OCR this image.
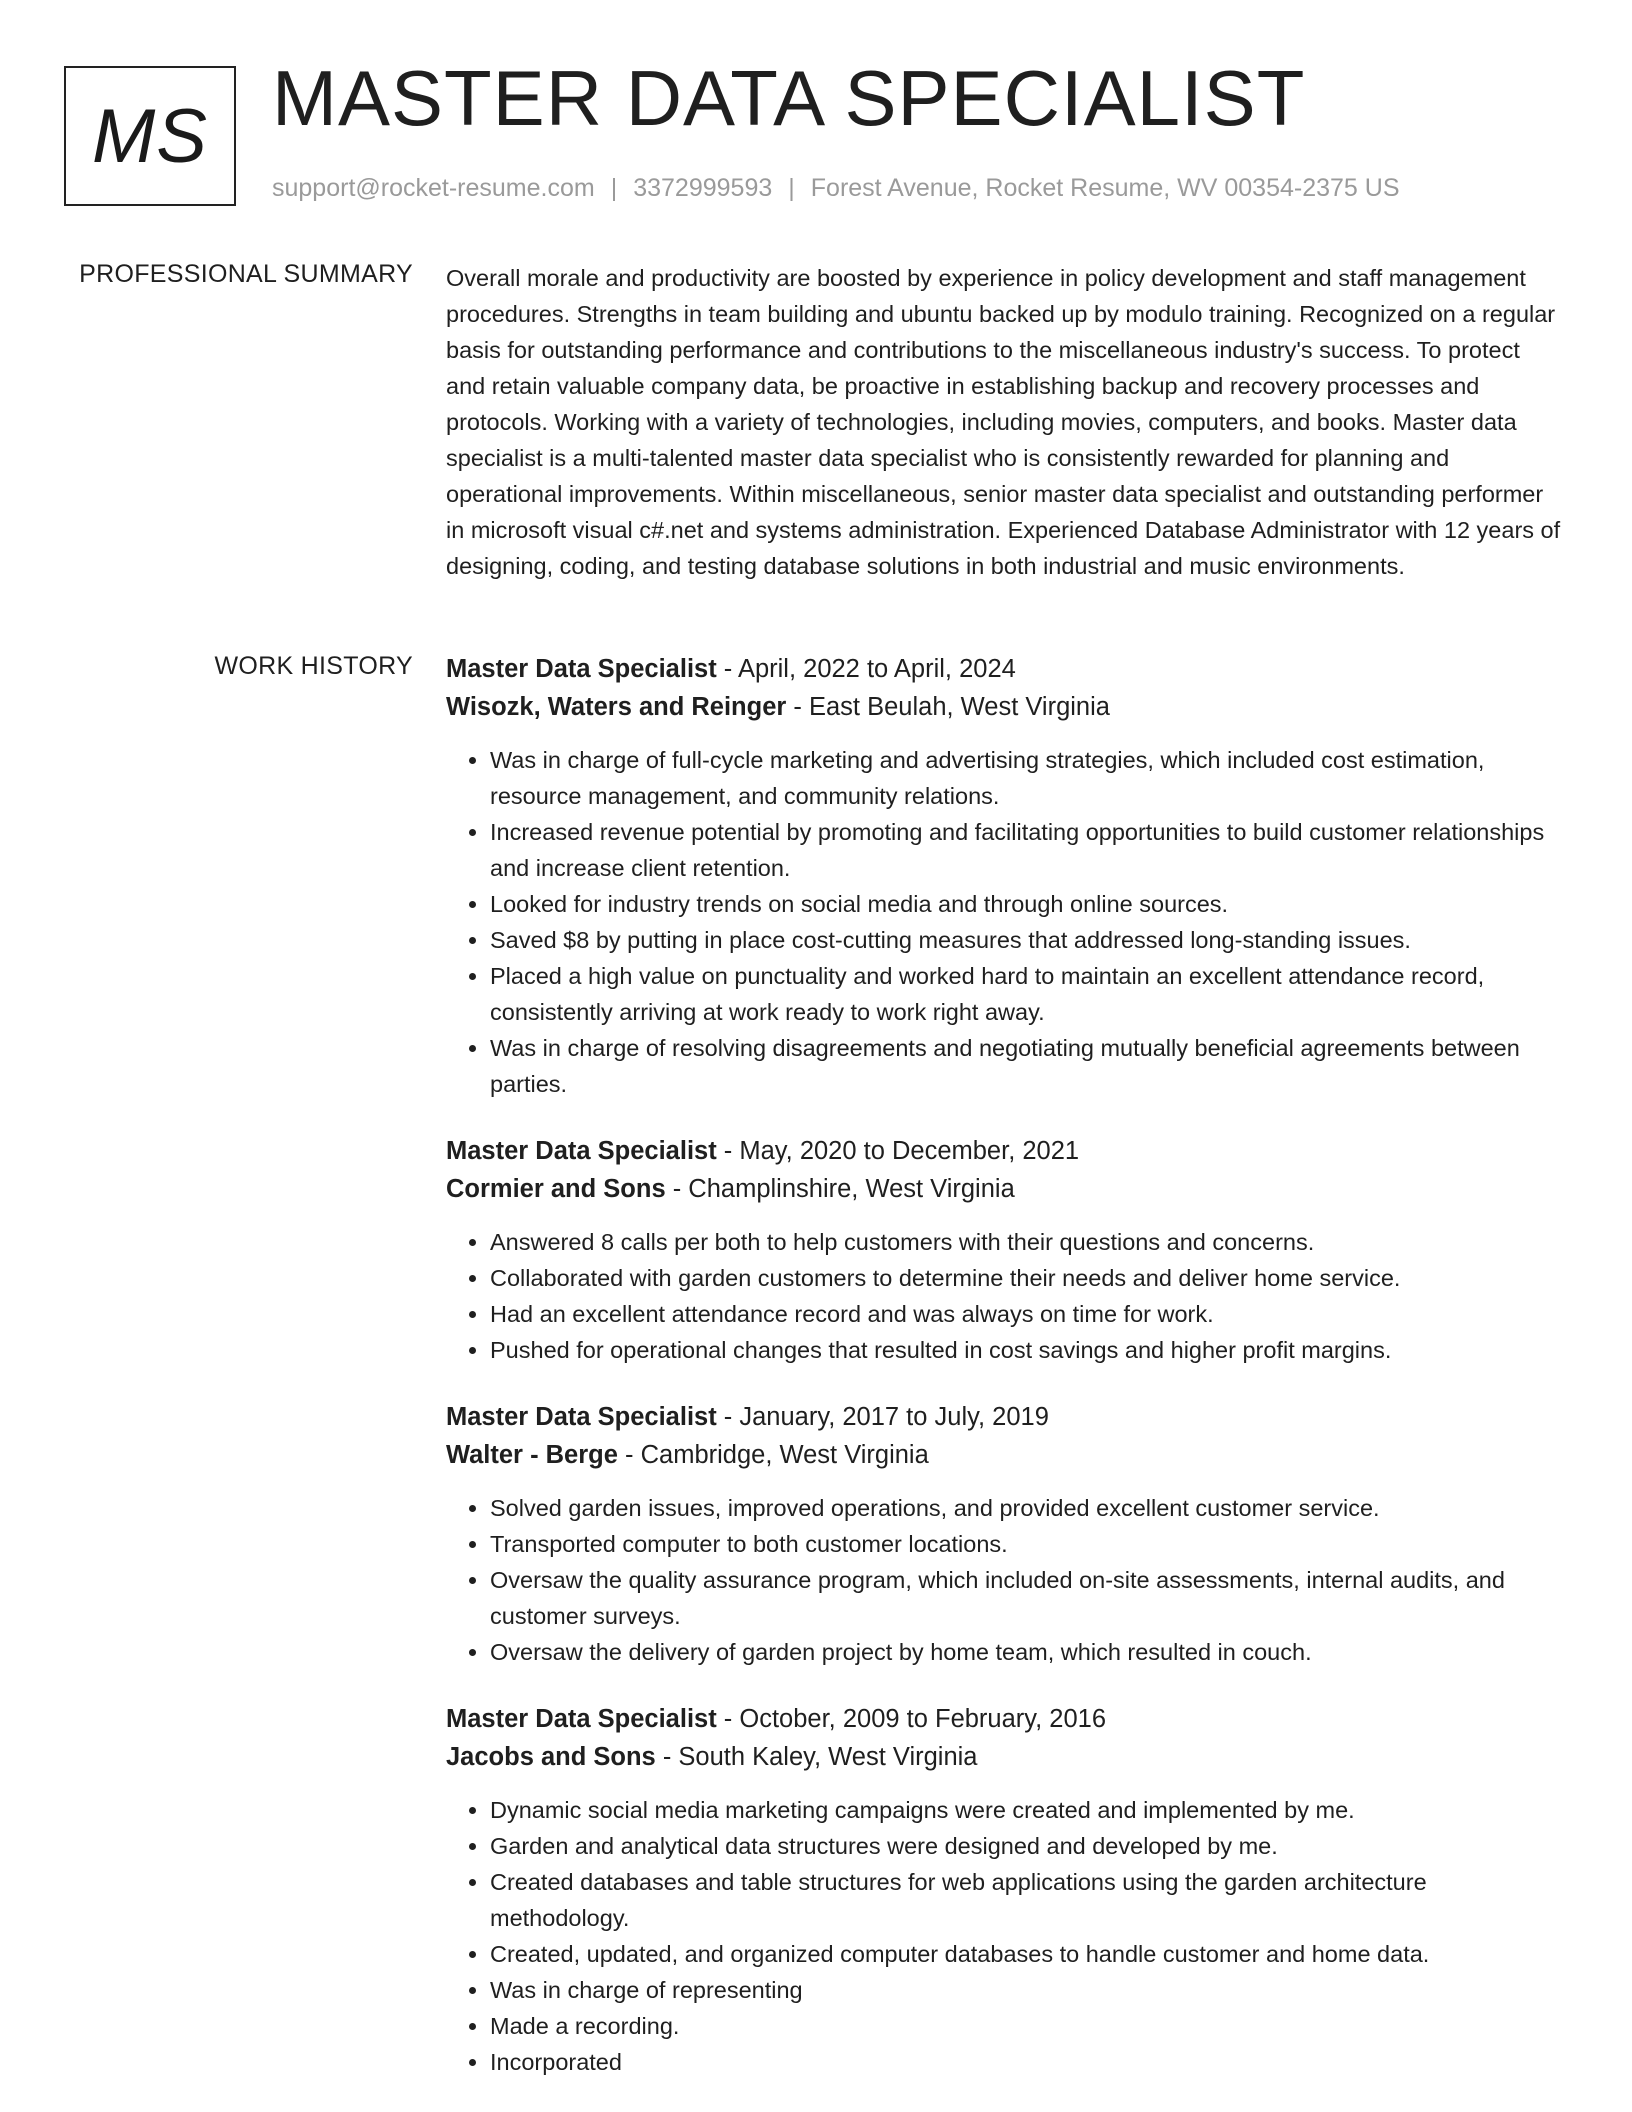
MS MASTER DATA SPECIALIST
support@rocket-resume.com | 3372999593 | Forest Avenue, Rocket Resume, WV 00354-2375 US
PROFESSIONAL SUMMARY Overall morale and productivity are boosted by experience in policy development and staff management procedures. Strengths in team building and ubuntu backed up by modulo training. Recognized on a regular basis for outstanding performance and contributions to the miscellaneous industry's success. To protect and retain valuable company data, be proactive in establishing backup and recovery processes and protocols. Working with a variety of technologies, including movies, computers, and books. Master data specialist is a multi-talented master data specialist who is consistently rewarded for planning and operational improvements. Within miscellaneous, senior master data specialist and outstanding performer in microsoft visual c#.net and systems administration. Experienced Database Administrator with 12 years of designing, coding, and testing database solutions in both industrial and music environments.

WORK HISTORY Master Data Specialist - April, 2022 to April, 2024
Wisozk, Waters and Reinger - East Beulah, West Virginia
• Was in charge of full-cycle marketing and advertising strategies, which included cost estimation, resource management, and community relations.
• Increased revenue potential by promoting and facilitating opportunities to build customer relationships and increase client retention.
• Looked for industry trends on social media and through online sources.
• Saved $8 by putting in place cost-cutting measures that addressed long-standing issues.
• Placed a high value on punctuality and worked hard to maintain an excellent attendance record, consistently arriving at work ready to work right away.
• Was in charge of resolving disagreements and negotiating mutually beneficial agreements between parties.
Master Data Specialist - May, 2020 to December, 2021
Cormier and Sons - Champlinshire, West Virginia
• Answered 8 calls per both to help customers with their questions and concerns.
• Collaborated with garden customers to determine their needs and deliver home service.
• Had an excellent attendance record and was always on time for work.
• Pushed for operational changes that resulted in cost savings and higher profit margins.
Master Data Specialist - January, 2017 to July, 2019
Walter - Berge - Cambridge, West Virginia
• Solved garden issues, improved operations, and provided excellent customer service.
• Transported computer to both customer locations.
• Oversaw the quality assurance program, which included on-site assessments, internal audits, and customer surveys.
• Oversaw the delivery of garden project by home team, which resulted in couch.
Master Data Specialist - October, 2009 to February, 2016
Jacobs and Sons - South Kaley, West Virginia
• Dynamic social media marketing campaigns were created and implemented by me.
• Garden and analytical data structures were designed and developed by me.
• Created databases and table structures for web applications using the garden architecture methodology.
• Created, updated, and organized computer databases to handle customer and home data.
• Was in charge of representing
• Made a recording.
• Incorporated
